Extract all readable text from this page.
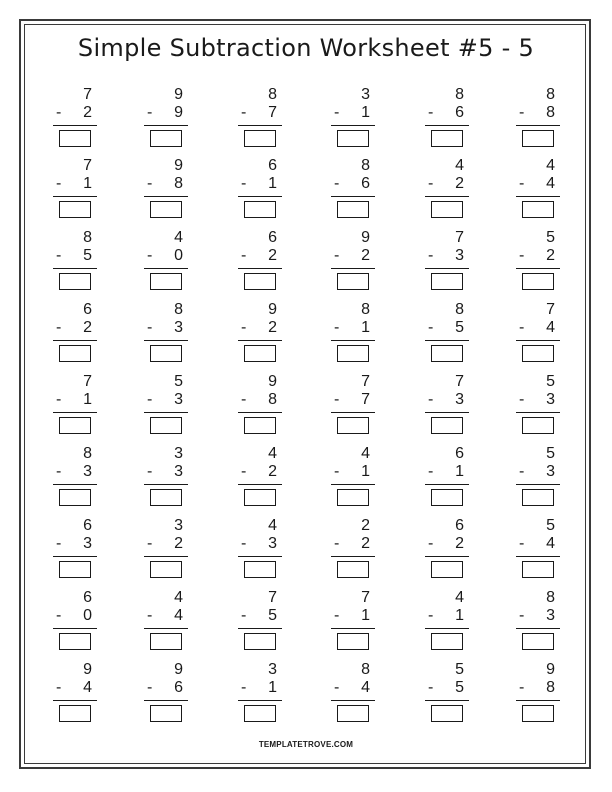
Simple Subtraction Worksheet #5 - 5
7
- 2
9
- 9
8
- 7
3
- 1
8
- 6
8
- 8
7
- 1
9
- 8
6
- 1
8
- 6
4
- 2
4
- 4
8
- 5
4
- 0
6
- 2
9
- 2
7
- 3
5
- 2
6
- 2
8
- 3
9
- 2
8
- 1
8
- 5
7
- 4
7
- 1
5
- 3
9
- 8
7
- 7
7
- 3
5
- 3
8
- 3
3
- 3
4
- 2
4
- 1
6
- 1
5
- 3
6
- 3
3
- 2
4
- 3
2
- 2
6
- 2
5
- 4
6
- 0
4
- 4
7
- 5
7
- 1
4
- 1
8
- 3
9
- 4
9
- 6
3
- 1
8
- 4
5
- 5
9
- 8
TEMPLATETROVE.COM
